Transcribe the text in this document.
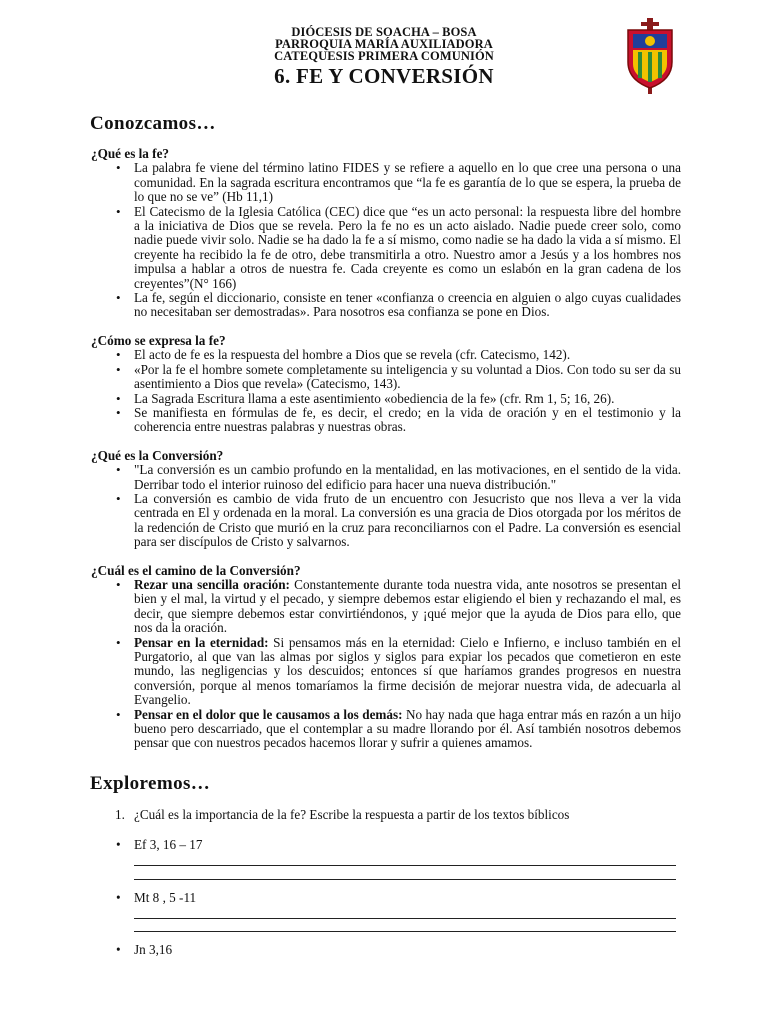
DIÓCESIS DE SOACHA – BOSA
PARROQUIA MARÍA AUXILIADORA
CATEQUESIS PRIMERA COMUNIÓN
6. FE Y CONVERSIÓN
Conozcamos…

¿Qué es la fe?

• La palabra fe viene del término latino FIDES y se refiere a aquello en lo que cree una persona o una comunidad. En la sagrada escritura encontramos que “la fe es garantía de lo que se espera, la prueba de lo que no se ve” (Hb 11,1)
• El Catecismo de la Iglesia Católica (CEC) dice que “es un acto personal: la respuesta libre del hombre a la iniciativa de Dios que se revela. Pero la fe no es un acto aislado. Nadie puede creer solo, como nadie puede vivir solo. Nadie se ha dado la fe a sí mismo, como nadie se ha dado la vida a sí mismo. El creyente ha recibido la fe de otro, debe transmitirla a otro. Nuestro amor a Jesús y a los hombres nos impulsa a hablar a otros de nuestra fe. Cada creyente es como un eslabón en la gran cadena de los creyentes”(N° 166)
• La fe, según el diccionario, consiste en tener «confianza o creencia en alguien o algo cuyas cualidades no necesitaban ser demostradas». Para nosotros esa confianza se pone en Dios.

¿Cómo se expresa la fe?

• El acto de fe es la respuesta del hombre a Dios que se revela (cfr. Catecismo, 142).
• «Por la fe el hombre somete completamente su inteligencia y su voluntad a Dios. Con todo su ser da su asentimiento a Dios que revela» (Catecismo, 143).
• La Sagrada Escritura llama a este asentimiento «obediencia de la fe» (cfr. Rm 1, 5; 16, 26).
• Se manifiesta en fórmulas de fe, es decir, el credo; en la vida de oración y en el testimonio y la coherencia entre nuestras palabras y nuestras obras.

¿Qué es la Conversión?

• "La conversión es un cambio profundo en la mentalidad, en las motivaciones, en el sentido de la vida. Derribar todo el interior ruinoso del edificio para hacer una nueva distribución."
• La conversión es cambio de vida fruto de un encuentro con Jesucristo que nos lleva a ver la vida centrada en El y ordenada en la moral. La conversión es una gracia de Dios otorgada por los méritos de la redención de Cristo que murió en la cruz para reconciliarnos con el Padre. La conversión es esencial para ser discípulos de Cristo y salvarnos.

¿Cuál es el camino de la Conversión?

• Rezar una sencilla oración: Constantemente durante toda nuestra vida, ante nosotros se presentan el bien y el mal, la virtud y el pecado, y siempre debemos estar eligiendo el bien y rechazando el mal, es decir, que siempre debemos estar convirtiéndonos, y ¡qué mejor que la ayuda de Dios para ello, que nos da la oración.
• Pensar en la eternidad: Si pensamos más en la eternidad: Cielo e Infierno, e incluso también en el Purgatorio, al que van las almas por siglos y siglos para expiar los pecados que cometieron en este mundo, las negligencias y los descuidos; entonces sí que haríamos grandes progresos en nuestra conversión, porque al menos tomaríamos la firme decisión de mejorar nuestra vida, de adecuarla al Evangelio.
• Pensar en el dolor que le causamos a los demás: No hay nada que haga entrar más en razón a un hijo bueno pero descarriado, que el contemplar a su madre llorando por él. Así también nosotros debemos pensar que con nuestros pecados hacemos llorar y sufrir a quienes amamos.
Exploremos…
1. ¿Cuál es la importancia de la fe? Escribe la respuesta a partir de los textos bíblicos
• Ef 3, 16 – 17
• Mt 8 , 5 -11
• Jn 3,16
